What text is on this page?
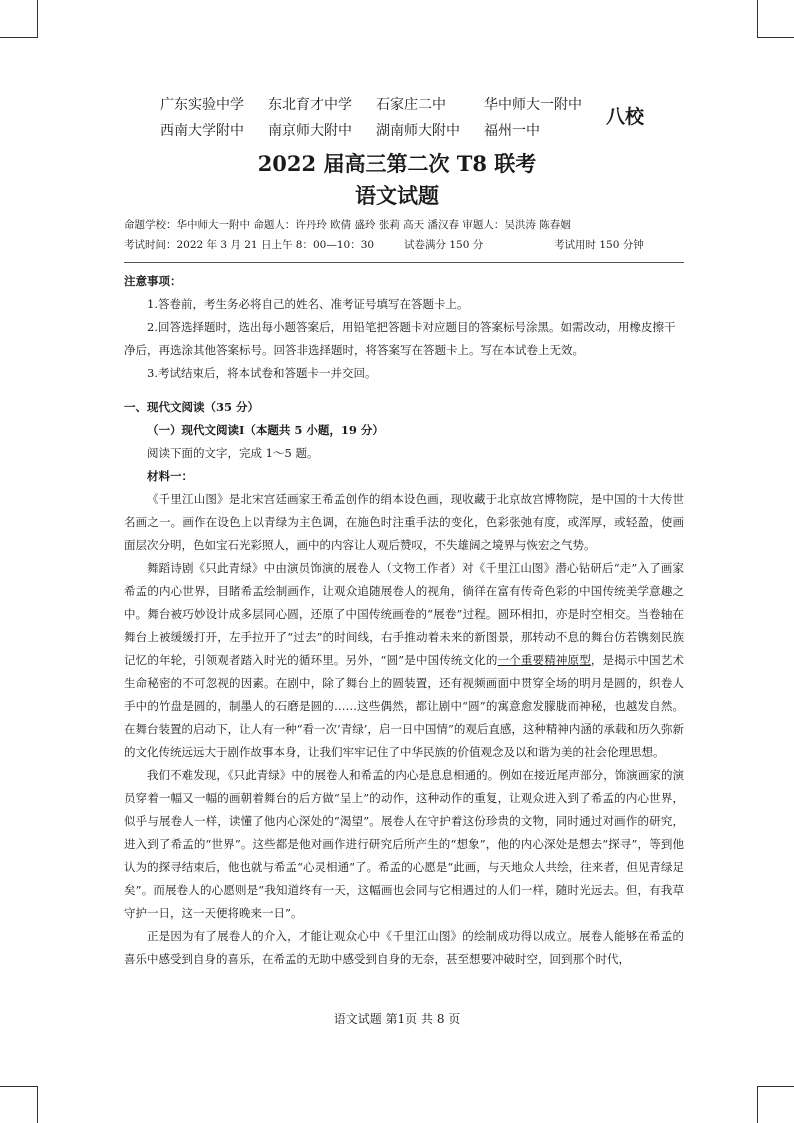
广东实验中学	东北育才中学	石家庄二中	华中师大一附中
西南大学附中	南京师大附中	湖南师大附中	福州一中
八校
2022 届高三第二次 T8 联考
语文试题
命题学校：华中师大一附中 命题人：许丹玲 欧倩 盛玲 张莉 高天 潘汉春 审题人：吴洪涛 陈春姻
考试时间：2022 年 3 月 21 日上午 8：00—10：30	试卷满分 150 分	考试用时 150 分钟
注意事项：

1.答卷前，考生务必将自己的姓名、准考证号填写在答题卡上。

2.回答选择题时，选出每小题答案后，用铅笔把答题卡对应题目的答案标号涂黑。如需改动，用橡皮擦干净后，再选涂其他答案标号。回答非选择题时，将答案写在答题卡上。写在本试卷上无效。

3.考试结束后，将本试卷和答题卡一并交回。

一、现代文阅读（35 分）

（一）现代文阅读Ⅰ（本题共 5 小题，19 分）

阅读下面的文字，完成 1～5 题。

材料一：

《千里江山图》是北宋宫廷画家王希孟创作的绢本设色画，现收藏于北京故宫博物院，是中国的十大传世名画之一。画作在设色上以青绿为主色调，在施色时注重手法的变化，色彩张弛有度，或浑厚，或轻盈，使画面层次分明，色如宝石光彩照人，画中的内容让人观后赞叹，不失雄阔之境界与恢宏之气势。

舞蹈诗剧《只此青绿》中由演员饰演的展卷人（文物工作者）对《千里江山图》潜心钻研后“走”入了画家希孟的内心世界，目睹希孟绘制画作，让观众追随展卷人的视角，徜徉在富有传奇色彩的中国传统美学意趣之中。舞台被巧妙设计成多层同心圆，还原了中国传统画卷的“展卷”过程。圆环相扣，亦是时空相交。当卷轴在舞台上被缓缓打开，左手拉开了“过去”的时间线，右手推动着未来的新图景，那转动不息的舞台仿若镌刻民族记忆的年轮，引领观者踏入时光的循环里。另外，“圆”是中国传统文化的一个重要精神原型，是揭示中国艺术生命秘密的不可忽视的因素。在剧中，除了舞台上的圆装置，还有视频画面中贯穿全场的明月是圆的，织卷人手中的竹盘是圆的，制墨人的石磨是圆的……这些偶然，都让剧中“圆”的寓意愈发朦胧而神秘，也越发自然。在舞台装置的启动下，让人有一种“看一次‘青绿’，启一日中国情”的观后直感，这种精神内涵的承载和历久弥新的文化传统远远大于剧作故事本身，让我们牢牢记住了中华民族的价值观念及以和谐为美的社会伦理思想。

我们不难发现，《只此青绿》中的展卷人和希孟的内心是息息相通的。例如在接近尾声部分，饰演画家的演员穿着一幅又一幅的画朝着舞台的后方做“呈上”的动作，这种动作的重复，让观众进入到了希孟的内心世界，似乎与展卷人一样，读懂了他内心深处的“渴望”。展卷人在守护着这份珍贵的文物，同时通过对画作的研究，进入到了希孟的“世界”。这些都是他对画作进行研究后所产生的“想象”，他的内心深处是想去“探寻”，等到他认为的探寻结束后，他也就与希孟“心灵相通”了。希孟的心愿是“此画，与天地众人共绘，往来者，但见青绿足矣”。而展卷人的心愿则是“我知道终有一天，这幅画也会同与它相遇过的人们一样，随时光远去。但，有我草守护一日，这一天便将晚来一日”。

正是因为有了展卷人的介入，才能让观众心中《千里江山图》的绘制成功得以成立。展卷人能够在希孟的喜乐中感受到自身的喜乐，在希孟的无助中感受到自身的无奈，甚至想要冲破时空，回到那个时代，

语文试题 第1页 共 8 页
